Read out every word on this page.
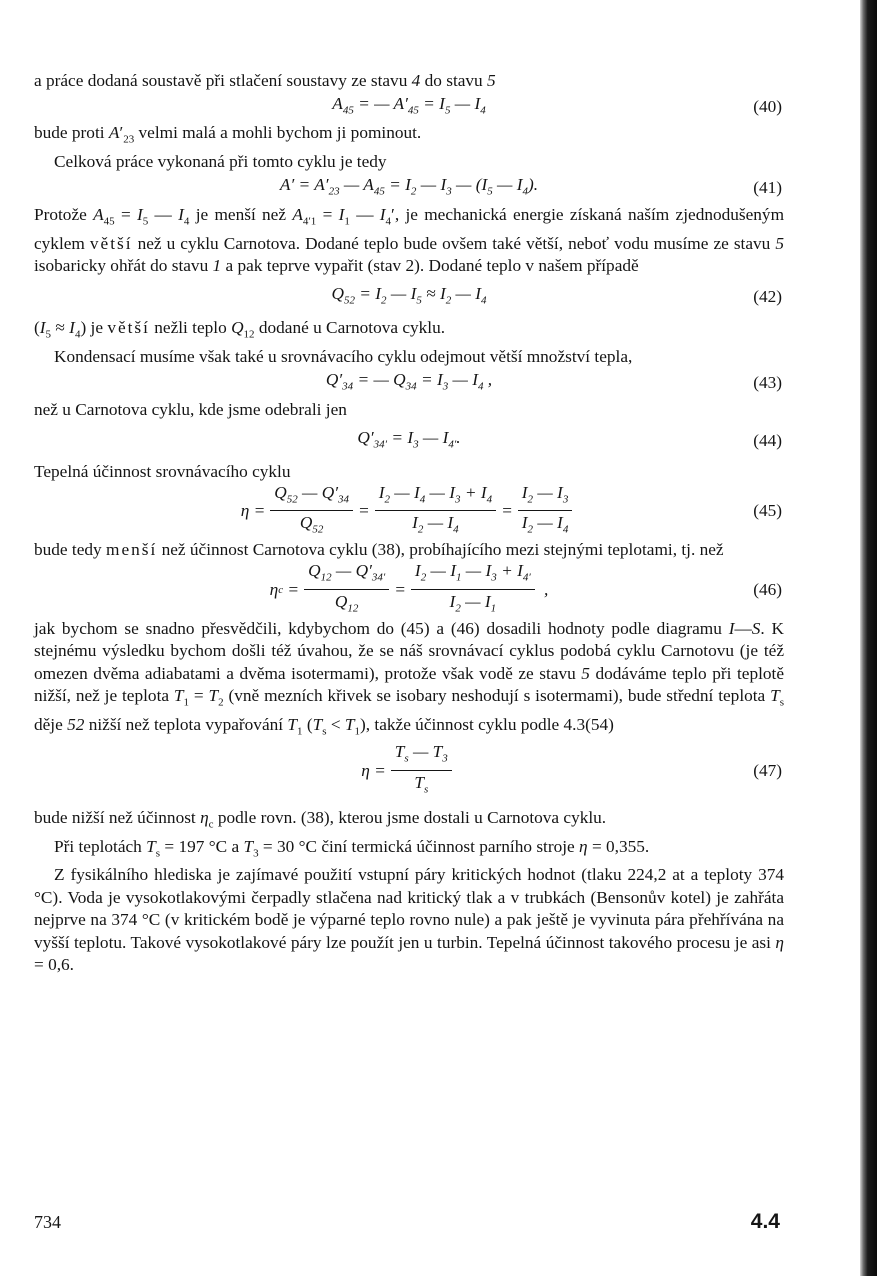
a práce dodaná soustavě při stlačení soustavy ze stavu 4 do stavu 5

$A_{45}$ = — $A'_{45} = I_5$ — $I_4$	(40)

bude proti $A'_{23}$ velmi malá a mohli bychom ji pominout.

Celková práce vykonaná při tomto cyklu je tedy

$A' = A'_{23}$ — $A_{45} = I_2$ — $I_3$ — ($I_5$ — $I_4$).	(41)

Protože $A_{45} = I_5$ — $I_4$ je menší než $A_{4'1} = I_1$ — $I_4'$, je mechanická energie získaná naším zjednodušeným cyklem větší než u cyklu Carnotova. Dodané teplo bude ovšem také větší, neboť vodu musíme ze stavu 5 isobaricky ohřát do stavu 1 a pak teprve vypařit (stav 2). Dodané teplo v našem případě

$Q_{52} = I_2$ — $I_5 \approx I_2$ — $I_4$	(42)

$(I_5 \approx I_4)$ je větší nežli teplo $Q_{12}$ dodané u Carnotova cyklu.

Kondensací musíme však také u srovnávacího cyklu odejmout větší množství tepla,

$Q'_{34}$ = — $Q_{34} = I_3$ — $I_4$ ,	(43)

než u Carnotova cyklu, kde jsme odebrali jen

$Q'_{34'} = I_3$ — $I_{4'}$.	(44)

Tepelná účinnost srovnávacího cyklu

$\eta = \frac{Q_{52} — Q'_{34}}{Q_{52}} = \frac{I_2 — I_4 — I_3 + I_4}{I_2 — I_4} = \frac{I_2 — I_3}{I_2 — I_4}$	(45)

bude tedy menší než účinnost Carnotova cyklu (38), probíhajícího mezi stejnými teplotami, tj. než

η $c = \frac{Q_{12} — Q'_{34'}}{Q_{12}} = \frac{I_2 — I_1 — I_3 + I_{4'}}{I_2 — I_1}$ ,	(46)

jak bychom se snadno přesvědčili, kdybychom do (45) a (46) dosadili hodnoty podle diagramu I—S. K stejnému výsledku bychom došli též úvahou, že se náš srovnávací cyklus podobá cyklu Carnotovu (je též omezen dvěma adiabatami a dvěma isotermami), protože však vodě ze stavu 5 dodáváme teplo při teplotě nižší, než je teplota $T_1 = T_2$ (vně mezních křivek se isobary neshodují s isotermami), bude střední teplota $T_s$ děje 52 nižší než teplota vypařování $T_1$ $(T_s < T_1)$, takže účinnost cyklu podle 4.3(54)

$\eta = \frac{T_s — T_3}{T_s}$	(47)

bude nižší než účinnost $\eta_c$ podle rovn. (38), kterou jsme dostali u Carnotova cyklu.

Při teplotách $T_s = 197$ °C a $T_3 = 30$ °C činí termická účinnost parního stroje η = 0,355.

Z fysikálního hlediska je zajímavé použití vstupní páry kritických hodnot (tlaku 224,2 at a teploty 374 °C). Voda je vysokotlakovými čerpadly stlačena nad kritický tlak a v trubkách (Bensonův kotel) je zahřáta nejprve na 374 °C (v kritickém bodě je výparné teplo rovno nule) a pak ještě je vyvinuta pára přehřívána na vyšší teplotu. Takové vysokotlakové páry lze použít jen u turbin. Tepelná účinnost takového procesu je asi η = 0,6.

734	4.4
